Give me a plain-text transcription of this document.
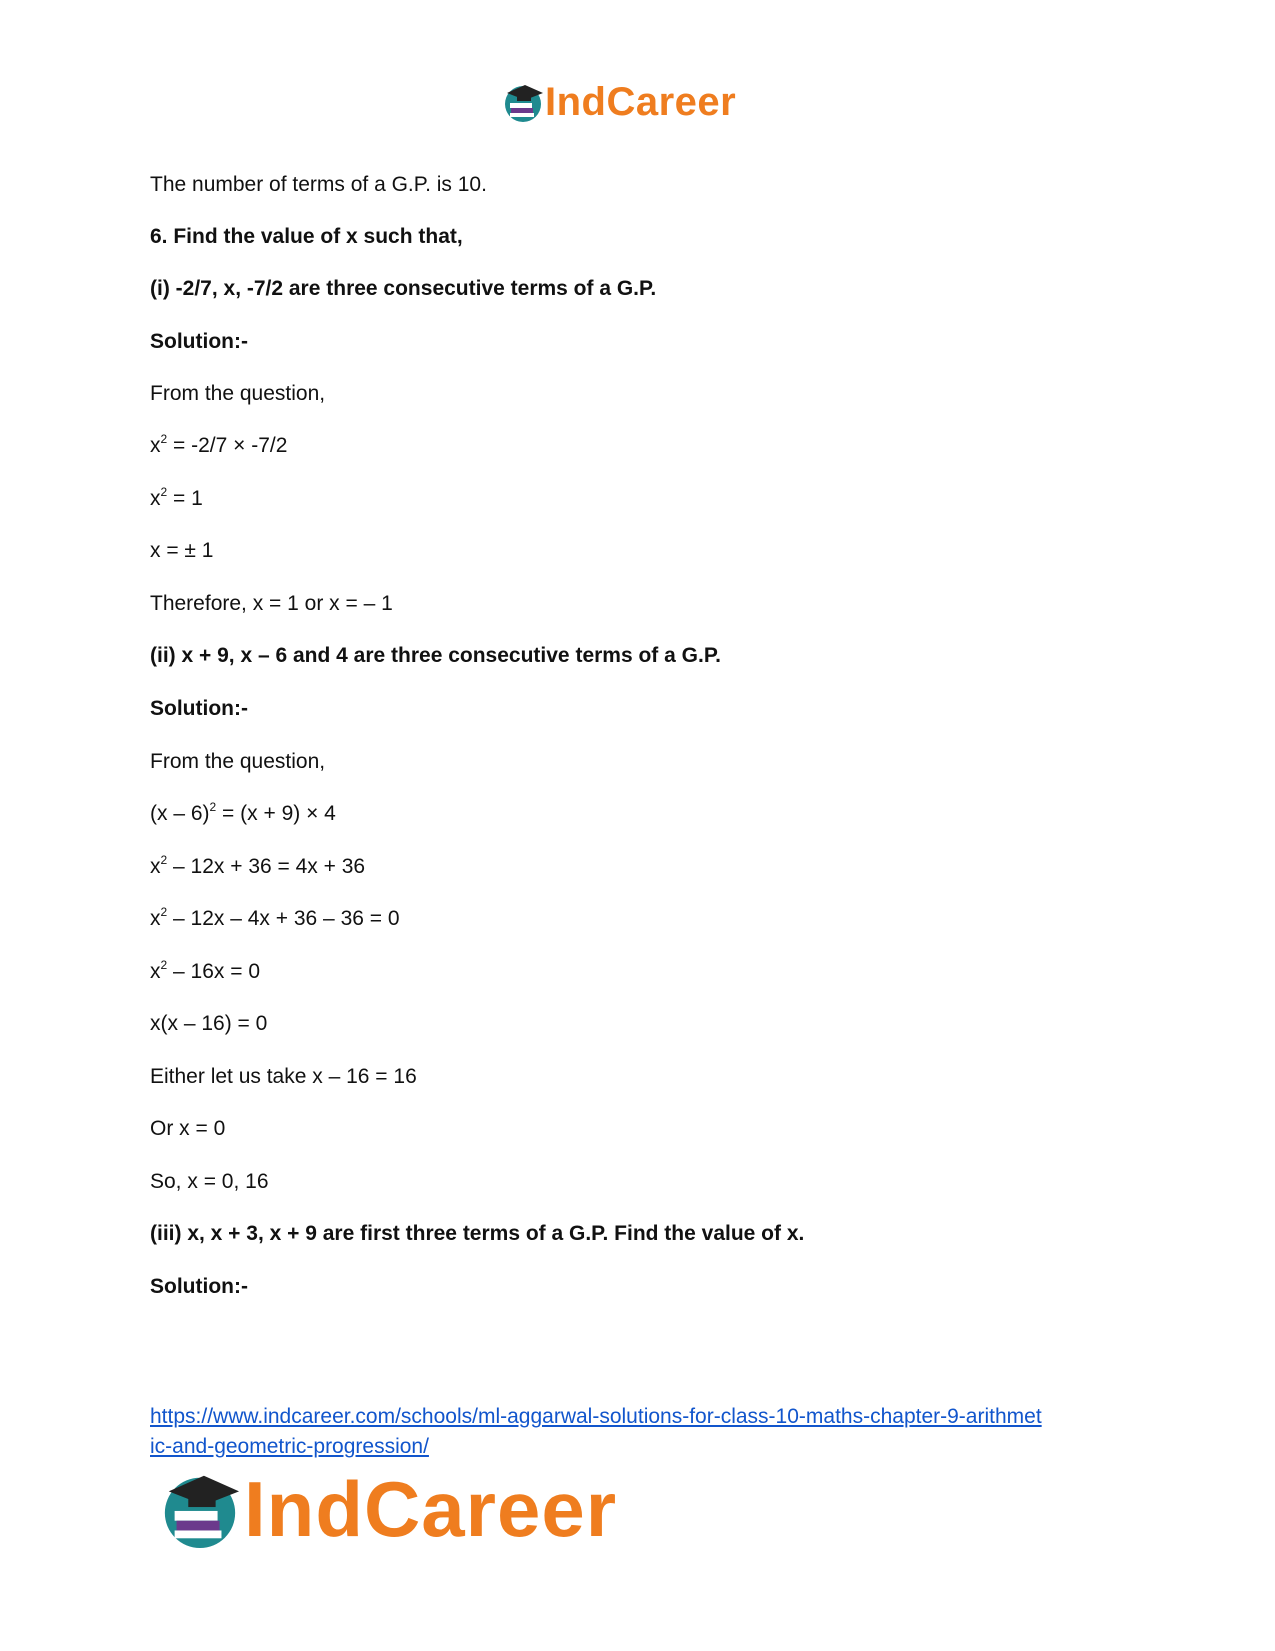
IndCareer
The number of terms of a G.P. is 10.
6. Find the value of x such that,
(i) -2/7, x, -7/2 are three consecutive terms of a G.P.
Solution:-
From the question,
$x^2 = -2/7 \times -7/2$
$x^2 = 1$
x = ± 1
Therefore, x = 1 or x = – 1
(ii) x + 9, x – 6 and 4 are three consecutive terms of a G.P.
Solution:-
From the question,
(x – 6)$^2$ = (x + 9) × 4
$x^2 - 12x + 36 = 4x + 36$
$x^2 - 12x - 4x + 36 - 36 = 0$
$x^2 - 16x = 0$
x(x – 16) = 0
Either let us take x – 16 = 16
Or x = 0
So, x = 0, 16
(iii) x, x + 3, x + 9 are first three terms of a G.P. Find the value of x.
Solution:-
https://www.indcareer.com/schools/ml-aggarwal-solutions-for-class-10-maths-chapter-9-arithmet
ic-and-geometric-progression/
IndCareer
